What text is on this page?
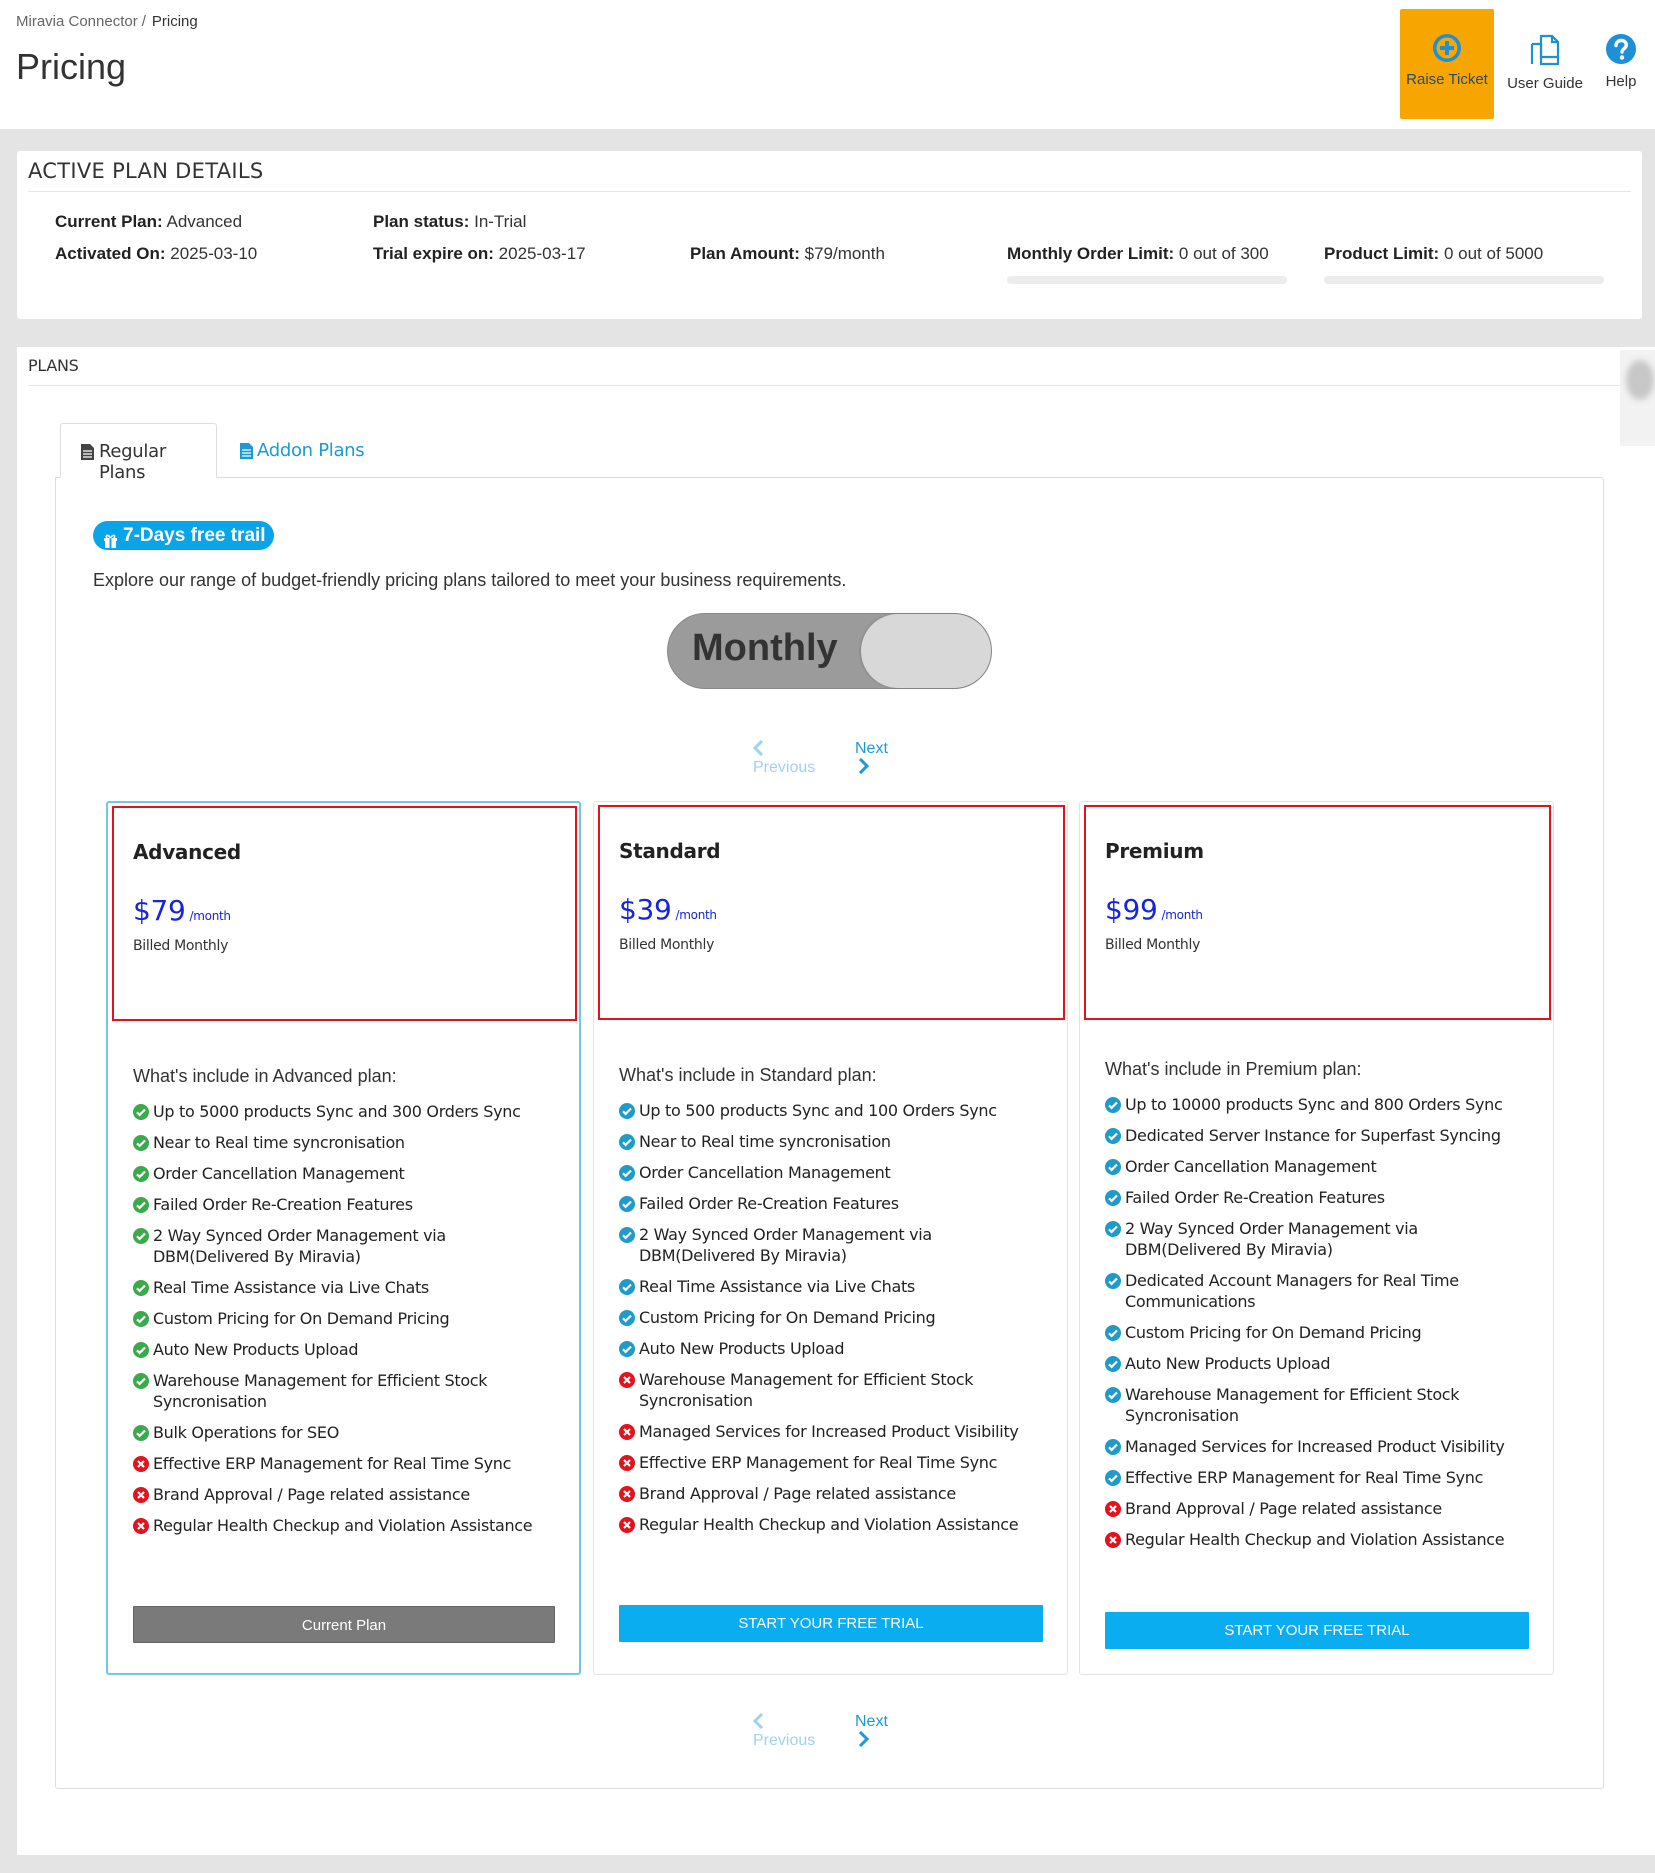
Miravia Connector / Pricing
Pricing	Raise Ticket	User Guide	Help
ACTIVE PLAN DETAILS
Current Plan: Advanced
Activated On: 2025-03-10
Plan status: In-Trial
Trial expire on: 2025-03-17	Plan Amount: $79/month	Monthly Order Limit: 0 out of 300	Product Limit: 0 out of 5000
PLANS
Regular Plans
Addon Plans
7-Days free trail
Explore our range of budget-friendly pricing plans tailored to meet your business requirements.
Monthly
Previous
Next
Advanced
$79 /month
Billed Monthly
What's include in Advanced plan:
Up to 5000 products Sync and 300 Orders Sync
Near to Real time syncronisation
Order Cancellation Management
Failed Order Re-Creation Features
2 Way Synced Order Management via DBM(Delivered By Miravia)
Real Time Assistance via Live Chats
Custom Pricing for On Demand Pricing
Auto New Products Upload
Warehouse Management for Efficient Stock Syncronisation
Bulk Operations for SEO
Effective ERP Management for Real Time Sync
Brand Approval / Page related assistance
Regular Health Checkup and Violation Assistance
Current Plan
Standard
$39 /month
Billed Monthly
What's include in Standard plan:
Up to 500 products Sync and 100 Orders Sync
Near to Real time syncronisation
Order Cancellation Management
Failed Order Re-Creation Features
2 Way Synced Order Management via DBM(Delivered By Miravia)
Real Time Assistance via Live Chats
Custom Pricing for On Demand Pricing
Auto New Products Upload
Warehouse Management for Efficient Stock Syncronisation
Managed Services for Increased Product Visibility
Effective ERP Management for Real Time Sync
Brand Approval / Page related assistance
Regular Health Checkup and Violation Assistance
START YOUR FREE TRIAL
Premium
$99 /month
Billed Monthly
What's include in Premium plan:
Up to 10000 products Sync and 800 Orders Sync
Dedicated Server Instance for Superfast Syncing
Order Cancellation Management
Failed Order Re-Creation Features
2 Way Synced Order Management via DBM(Delivered By Miravia)
Dedicated Account Managers for Real Time Communications
Custom Pricing for On Demand Pricing
Auto New Products Upload
Warehouse Management for Efficient Stock Syncronisation
Managed Services for Increased Product Visibility
Effective ERP Management for Real Time Sync
Brand Approval / Page related assistance
Regular Health Checkup and Violation Assistance
START YOUR FREE TRIAL
Previous
Next
